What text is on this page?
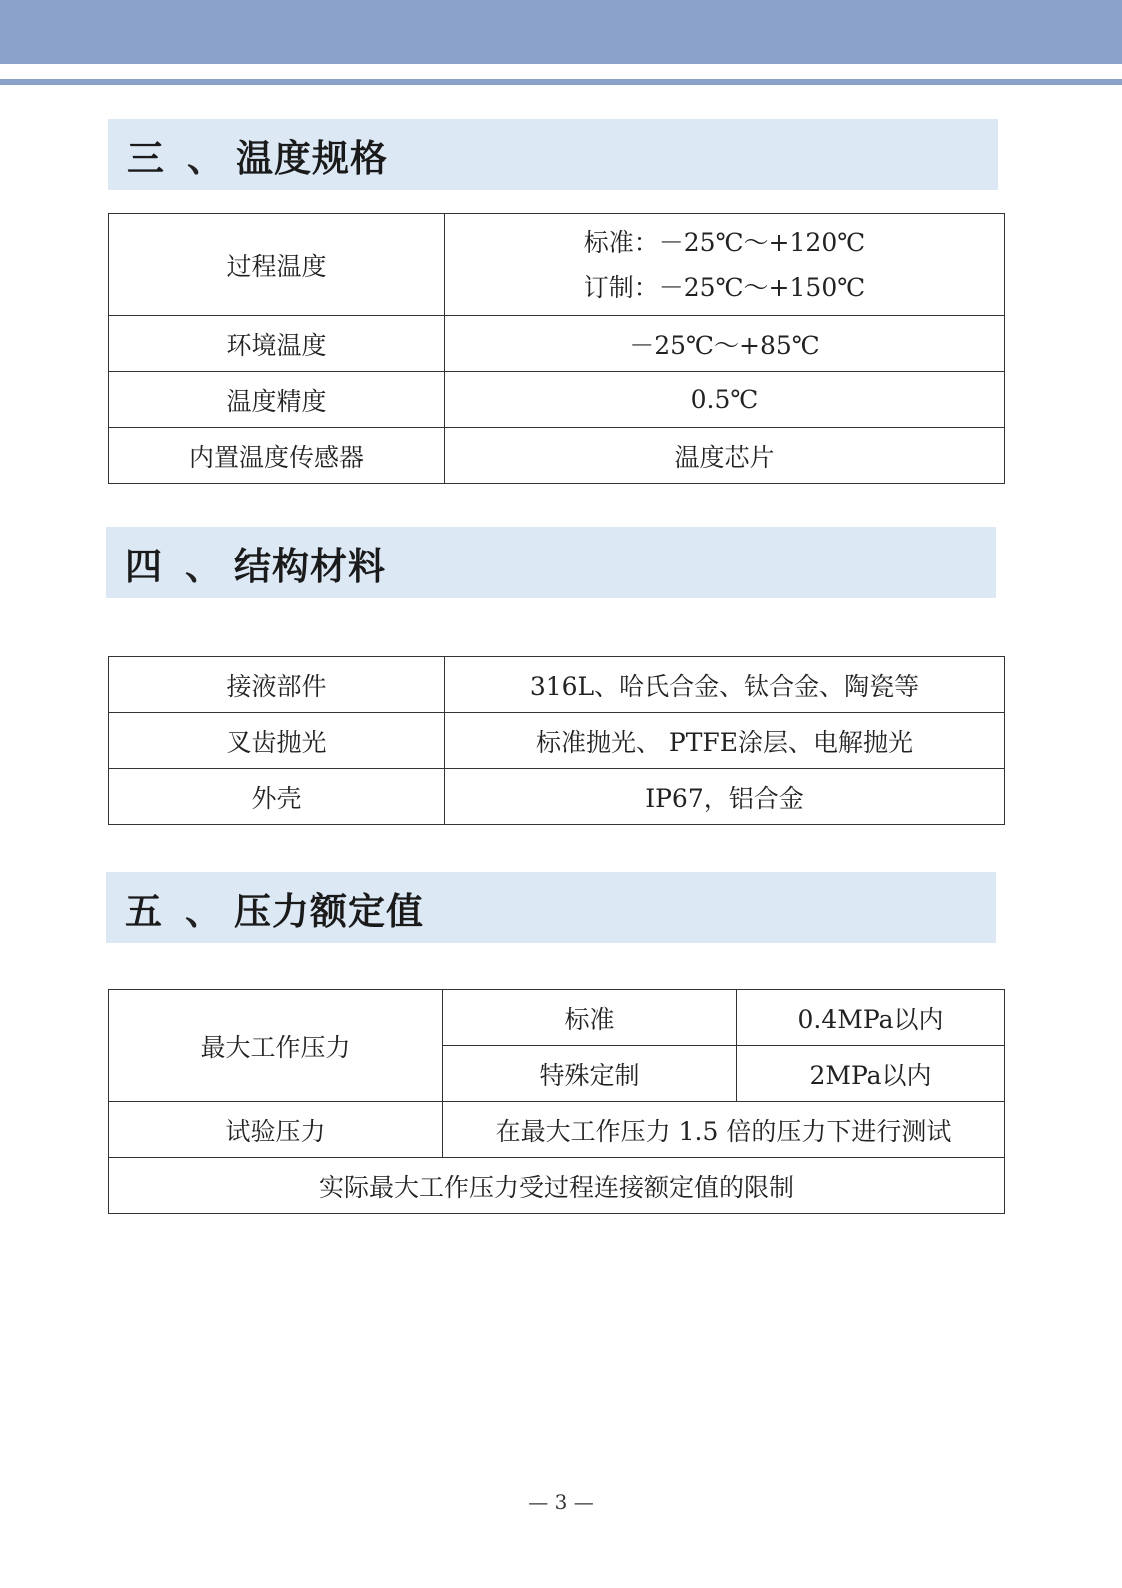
三 、 温度规格
过程温度	标准：－25℃～+120℃
订制：－25℃～+150℃

环境温度	－25℃～+85℃
温度精度	0.5℃
内置温度传感器	温度芯片
四 、 结构材料
接液部件	316L、哈氏合金、钛合金、陶瓷等
叉齿抛光	标准抛光、 PTFE涂层、电解抛光
外壳	IP67，铝合金
五 、 压力额定值
最大工作压力	标准	0.4MPa以内
	特殊定制	2MPa以内
试验压力	在最大工作压力 1.5 倍的压力下进行测试	
实际最大工作压力受过程连接额定值的限制		
— 3 —
